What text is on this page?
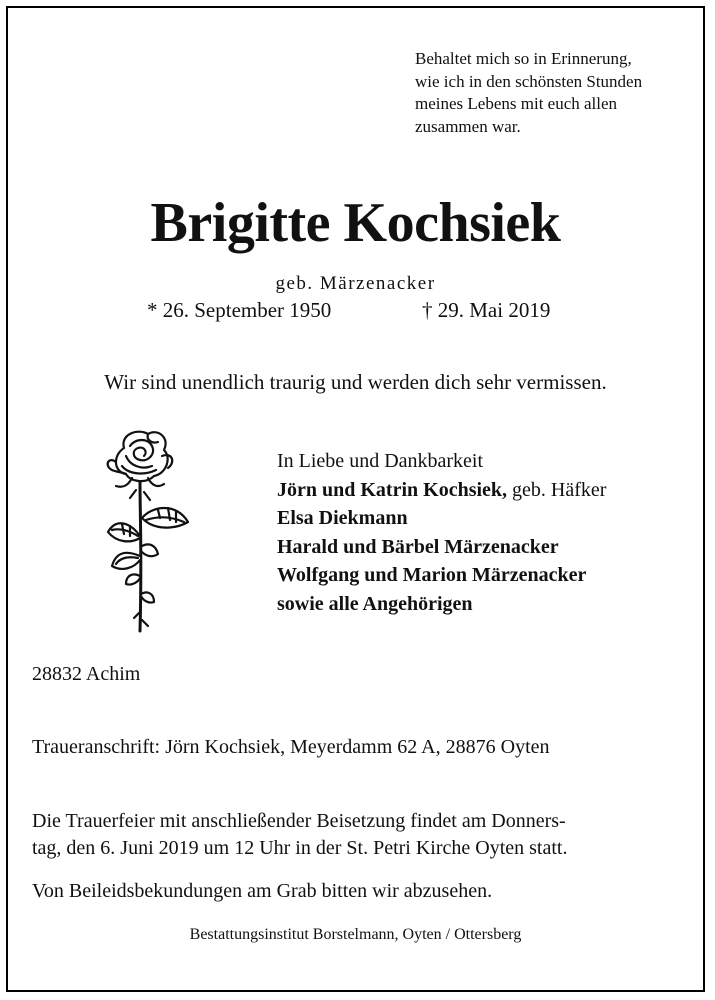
Behaltet mich so in Erinnerung,
wie ich in den schönsten Stunden
meines Lebens mit euch allen
zusammen war.
Brigitte Kochsiek
geb. Märzenacker
* 26. September 1950	† 29. Mai 2019
Wir sind unendlich traurig und werden dich sehr vermissen.
In Liebe und Dankbarkeit
Jörn und Katrin Kochsiek, geb. Häfker
Elsa Diekmann
Harald und Bärbel Märzenacker
Wolfgang und Marion Märzenacker
sowie alle Angehörigen
28832 Achim
Traueranschrift: Jörn Kochsiek, Meyerdamm 62 A, 28876 Oyten
Die Trauerfeier mit anschließender Beisetzung findet am Donners-
tag, den 6. Juni 2019 um 12 Uhr in der St. Petri Kirche Oyten statt.
Von Beileidsbekundungen am Grab bitten wir abzusehen.
Bestattungsinstitut Borstelmann, Oyten / Ottersberg
